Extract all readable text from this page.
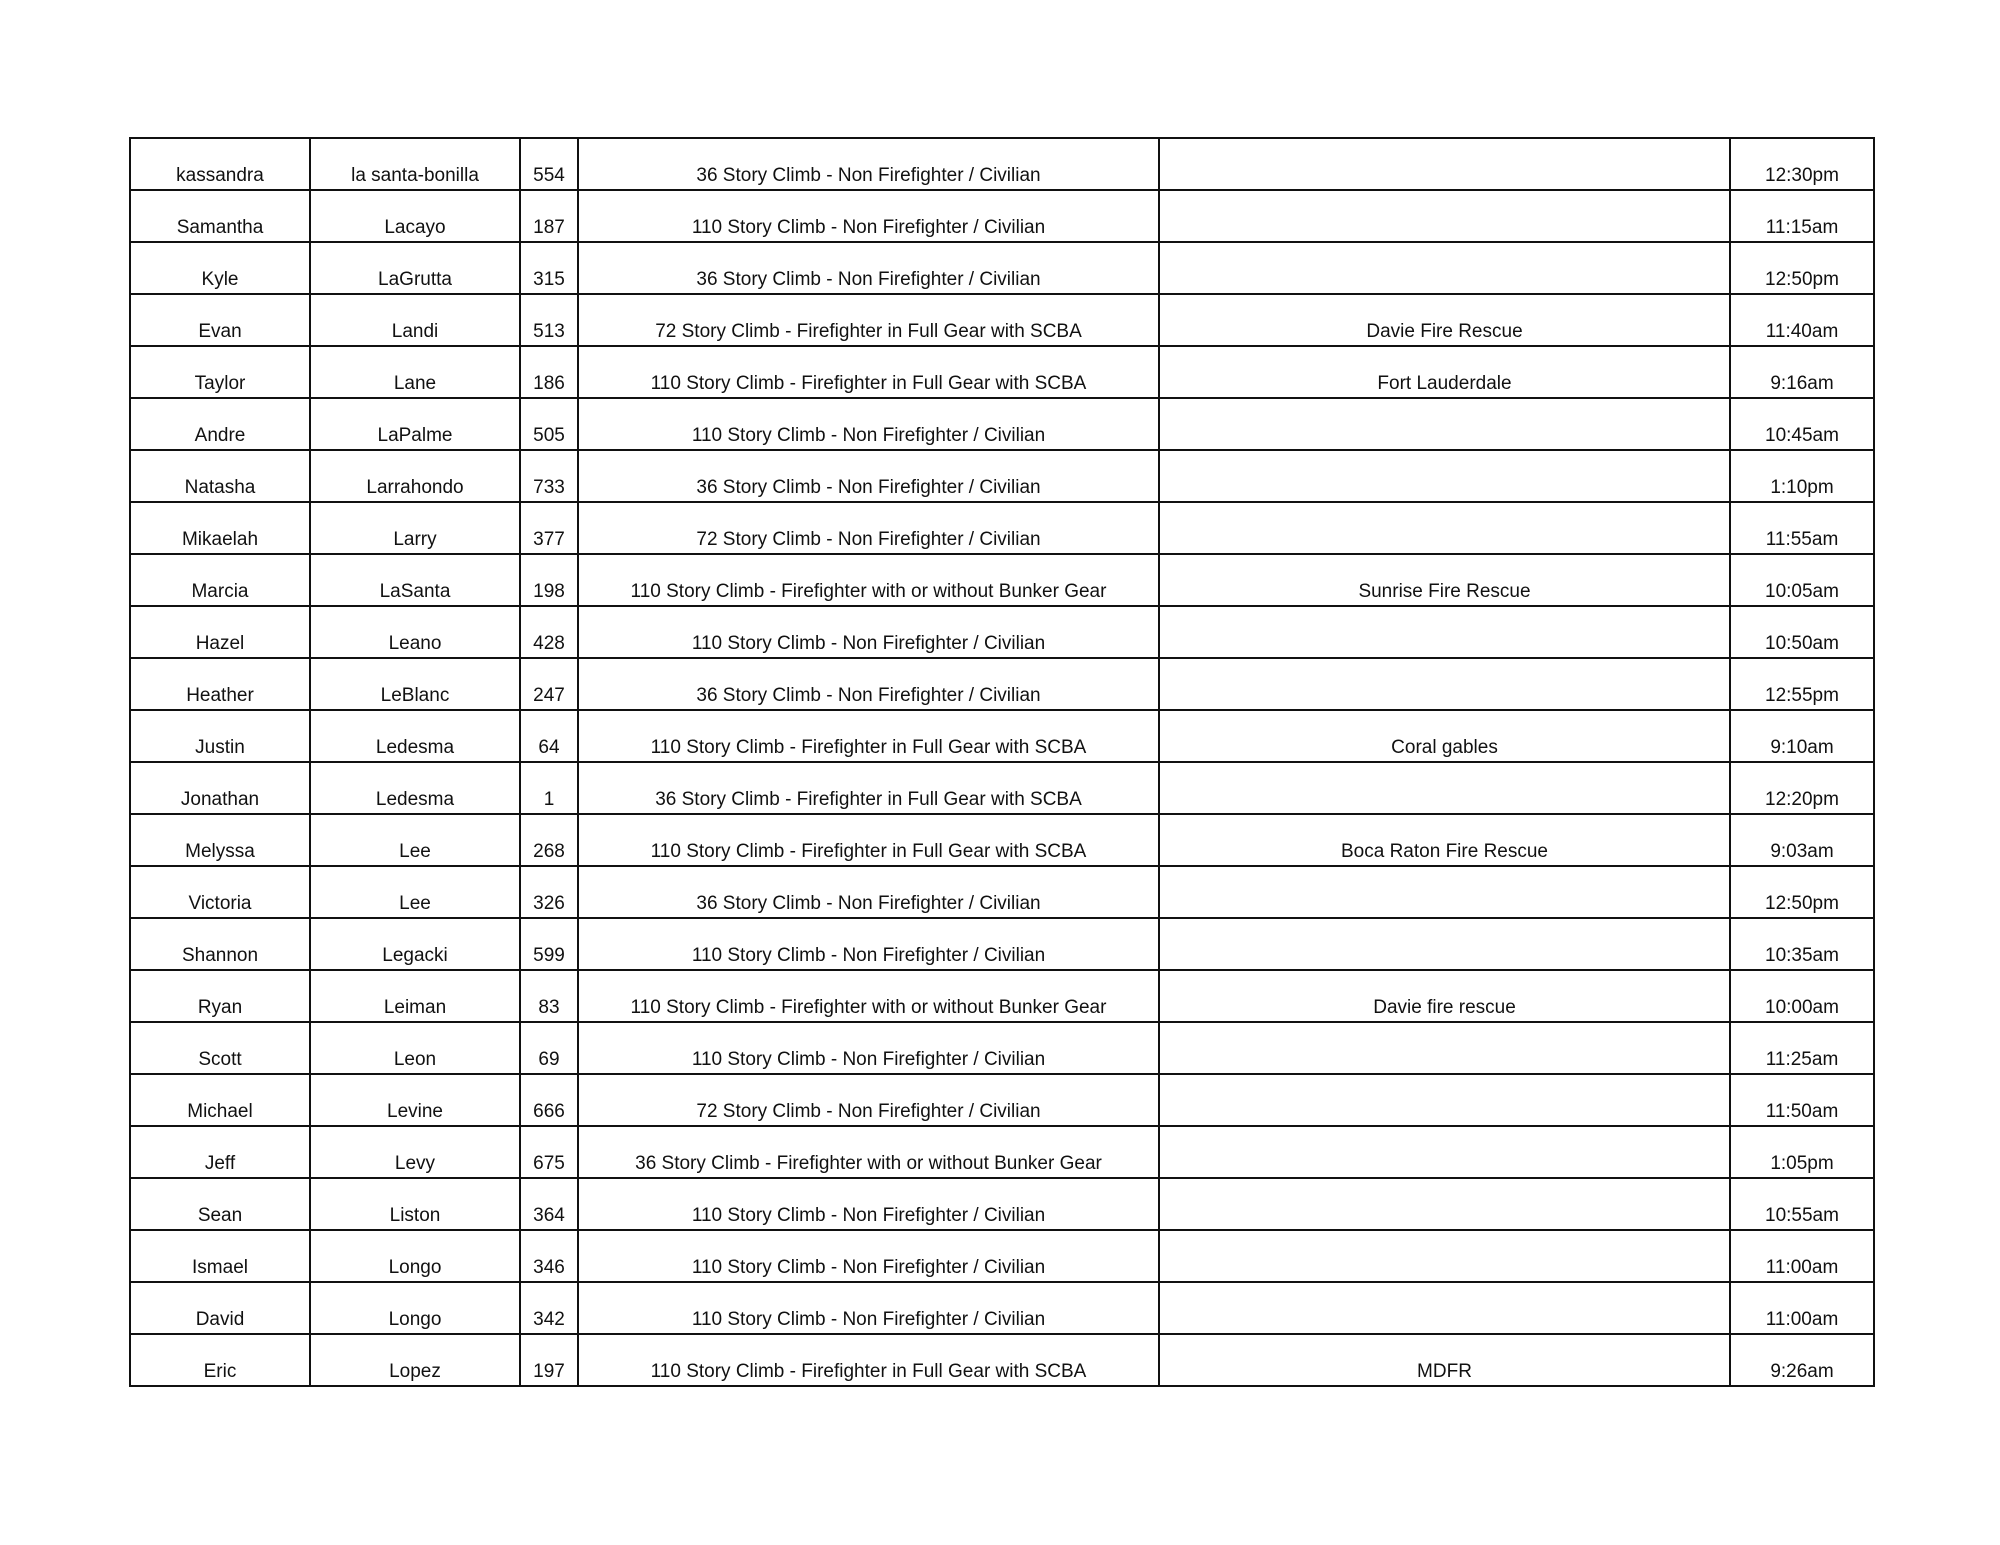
kassandra	la santa-bonilla	554	36 Story Climb - Non Firefighter / Civilian		12:30pm
Samantha	Lacayo	187	110 Story Climb - Non Firefighter / Civilian		11:15am
Kyle	LaGrutta	315	36 Story Climb - Non Firefighter / Civilian		12:50pm
Evan	Landi	513	72 Story Climb - Firefighter in Full Gear with SCBA	Davie Fire Rescue	11:40am
Taylor	Lane	186	110 Story Climb - Firefighter in Full Gear with SCBA	Fort Lauderdale	9:16am
Andre	LaPalme	505	110 Story Climb - Non Firefighter / Civilian		10:45am
Natasha	Larrahondo	733	36 Story Climb - Non Firefighter / Civilian		1:10pm
Mikaelah	Larry	377	72 Story Climb - Non Firefighter / Civilian		11:55am
Marcia	LaSanta	198	110 Story Climb - Firefighter with or without Bunker Gear	Sunrise Fire Rescue	10:05am
Hazel	Leano	428	110 Story Climb - Non Firefighter / Civilian		10:50am
Heather	LeBlanc	247	36 Story Climb - Non Firefighter / Civilian		12:55pm
Justin	Ledesma	64	110 Story Climb - Firefighter in Full Gear with SCBA	Coral gables	9:10am
Jonathan	Ledesma	1	36 Story Climb - Firefighter in Full Gear with SCBA		12:20pm
Melyssa	Lee	268	110 Story Climb - Firefighter in Full Gear with SCBA	Boca Raton Fire Rescue	9:03am
Victoria	Lee	326	36 Story Climb - Non Firefighter / Civilian		12:50pm
Shannon	Legacki	599	110 Story Climb - Non Firefighter / Civilian		10:35am
Ryan	Leiman	83	110 Story Climb - Firefighter with or without Bunker Gear	Davie fire rescue	10:00am
Scott	Leon	69	110 Story Climb - Non Firefighter / Civilian		11:25am
Michael	Levine	666	72 Story Climb - Non Firefighter / Civilian		11:50am
Jeff	Levy	675	36 Story Climb - Firefighter with or without Bunker Gear		1:05pm
Sean	Liston	364	110 Story Climb - Non Firefighter / Civilian		10:55am
Ismael	Longo	346	110 Story Climb - Non Firefighter / Civilian		11:00am
David	Longo	342	110 Story Climb - Non Firefighter / Civilian		11:00am
Eric	Lopez	197	110 Story Climb - Firefighter in Full Gear with SCBA	MDFR	9:26am
